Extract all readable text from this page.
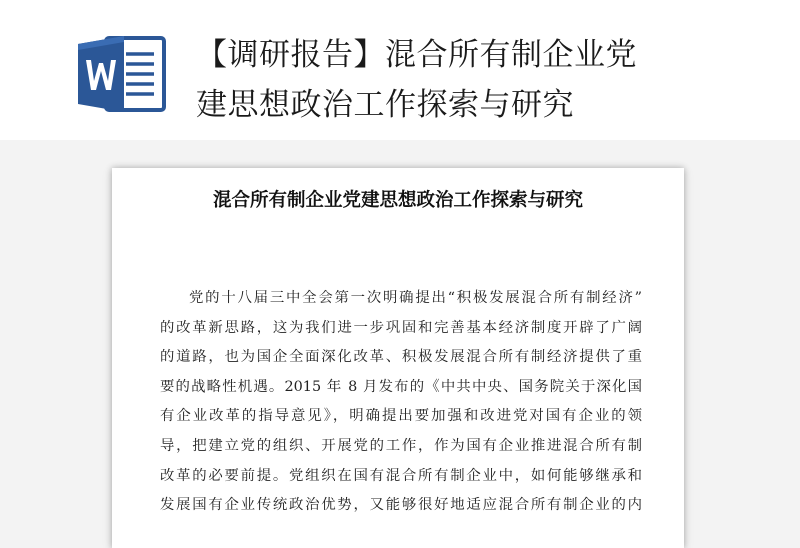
【调研报告】混合所有制企业党
建思想政治工作探索与研究
混合所有制企业党建思想政治工作探索与研究
党的十八届三中全会第一次明确提出“积极发展混合所有制经济”
的改革新思路，这为我们进一步巩固和完善基本经济制度开辟了广阔
的道路，也为国企全面深化改革、积极发展混合所有制经济提供了重
要的战略性机遇。2015 年 8 月发布的《中共中央、国务院关于深化国
有企业改革的指导意见》，明确提出要加强和改进党对国有企业的领
导，把建立党的组织、开展党的工作，作为国有企业推进混合所有制
改革的必要前提。党组织在国有混合所有制企业中，如何能够继承和
发展国有企业传统政治优势，又能够很好地适应混合所有制企业的内
